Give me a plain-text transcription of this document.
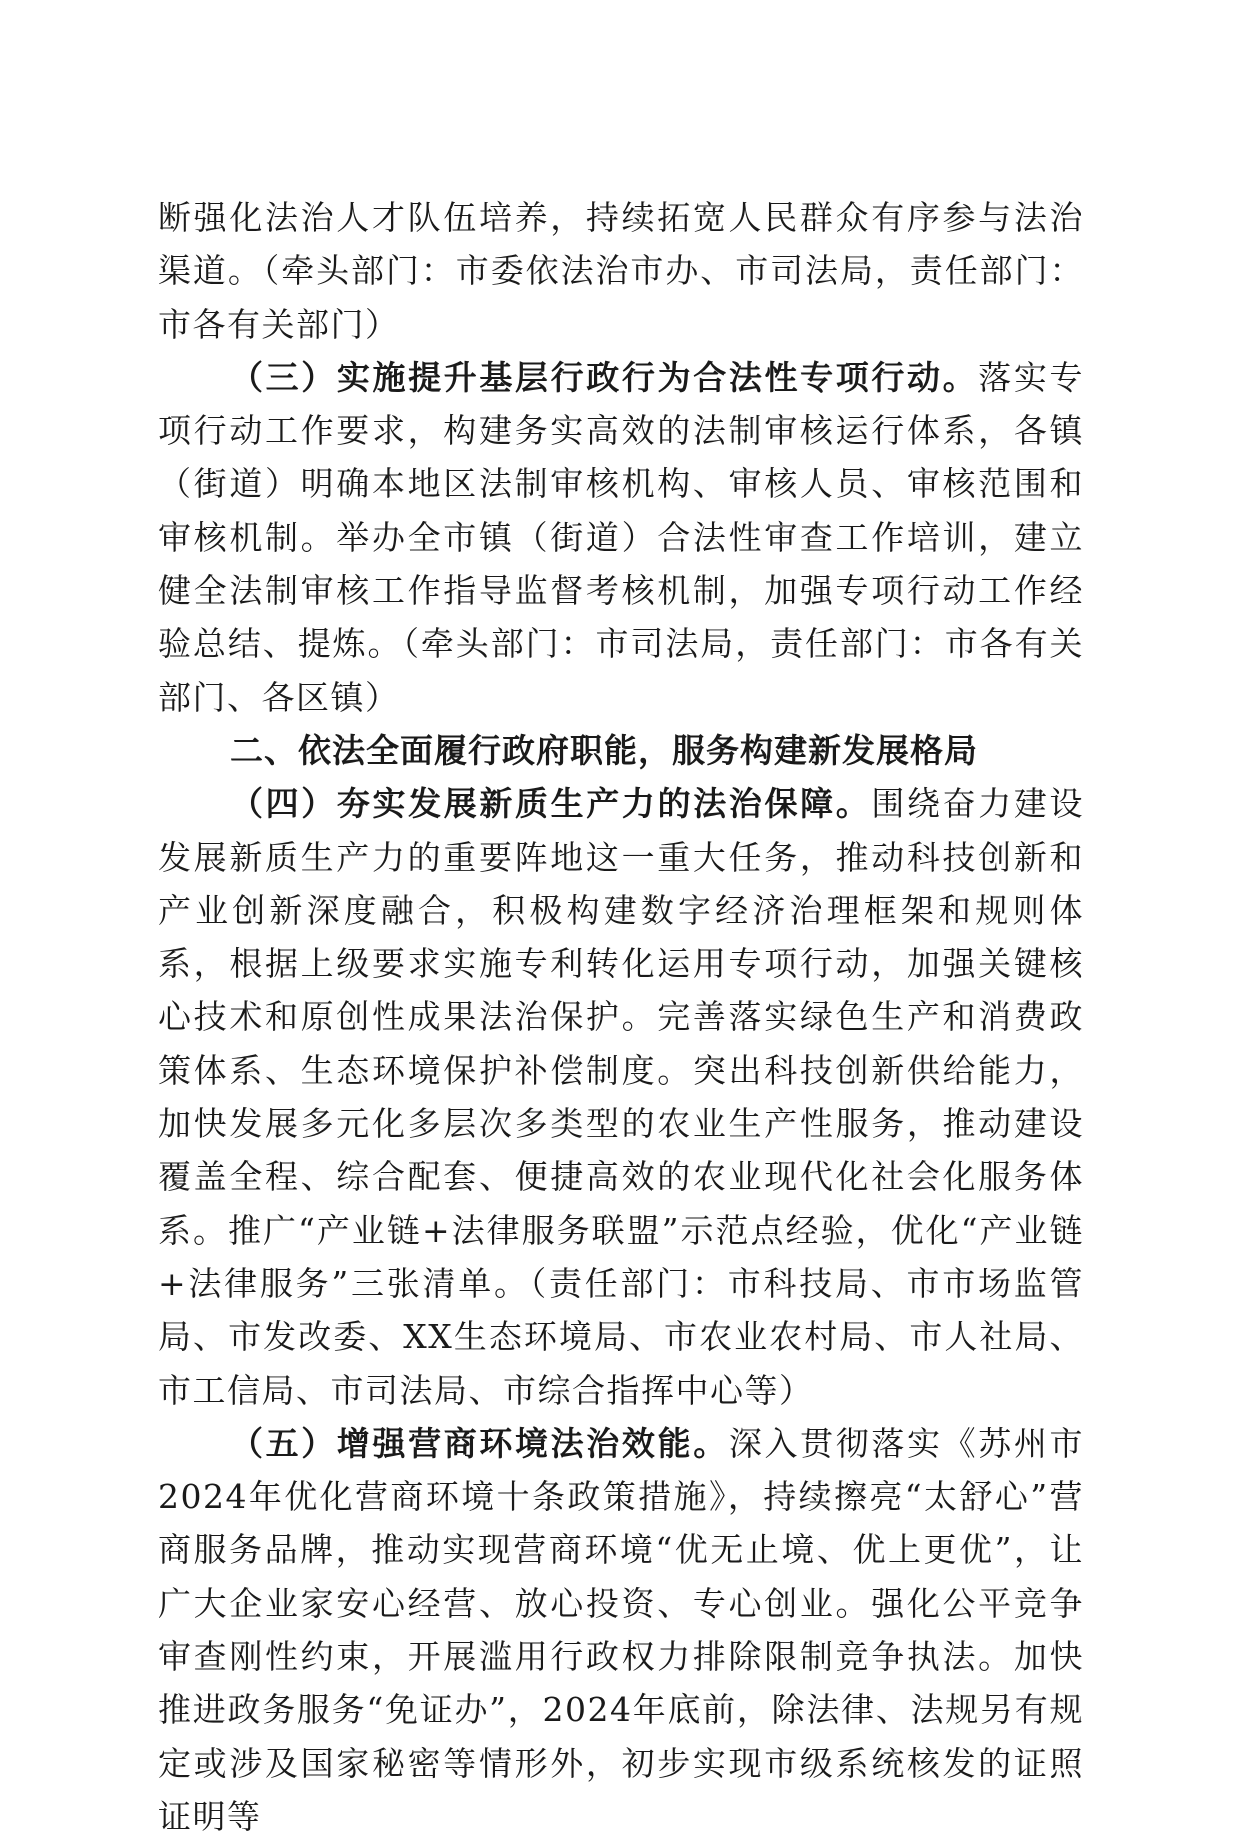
断强化法治人才队伍培养，持续拓宽人民群众有序参与法治渠道。（牵头部门：市委依法治市办、市司法局，责任部门：市各有关部门）

（三）实施提升基层行政行为合法性专项行动。落实专项行动工作要求，构建务实高效的法制审核运行体系，各镇（街道）明确本地区法制审核机构、审核人员、审核范围和审核机制。举办全市镇（街道）合法性审查工作培训，建立健全法制审核工作指导监督考核机制，加强专项行动工作经验总结、提炼。（牵头部门：市司法局，责任部门：市各有关部门、各区镇）

二、依法全面履行政府职能，服务构建新发展格局

（四）夯实发展新质生产力的法治保障。围绕奋力建设发展新质生产力的重要阵地这一重大任务，推动科技创新和产业创新深度融合，积极构建数字经济治理框架和规则体系，根据上级要求实施专利转化运用专项行动，加强关键核心技术和原创性成果法治保护。完善落实绿色生产和消费政策体系、生态环境保护补偿制度。突出科技创新供给能力，加快发展多元化多层次多类型的农业生产性服务，推动建设覆盖全程、综合配套、便捷高效的农业现代化社会化服务体系。推广“产业链+法律服务联盟”示范点经验，优化“产业链+法律服务”三张清单。（责任部门：市科技局、市市场监管局、市发改委、XX生态环境局、市农业农村局、市人社局、市工信局、市司法局、市综合指挥中心等）

（五）增强营商环境法治效能。深入贯彻落实《苏州市2024年优化营商环境十条政策措施》，持续擦亮“太舒心”营商服务品牌，推动实现营商环境“优无止境、优上更优”，让广大企业家安心经营、放心投资、专心创业。强化公平竞争审查刚性约束，开展滥用行政权力排除限制竞争执法。加快推进政务服务“免证办”，2024年底前，除法律、法规另有规定或涉及国家秘密等情形外，初步实现市级系统核发的证照证明等
